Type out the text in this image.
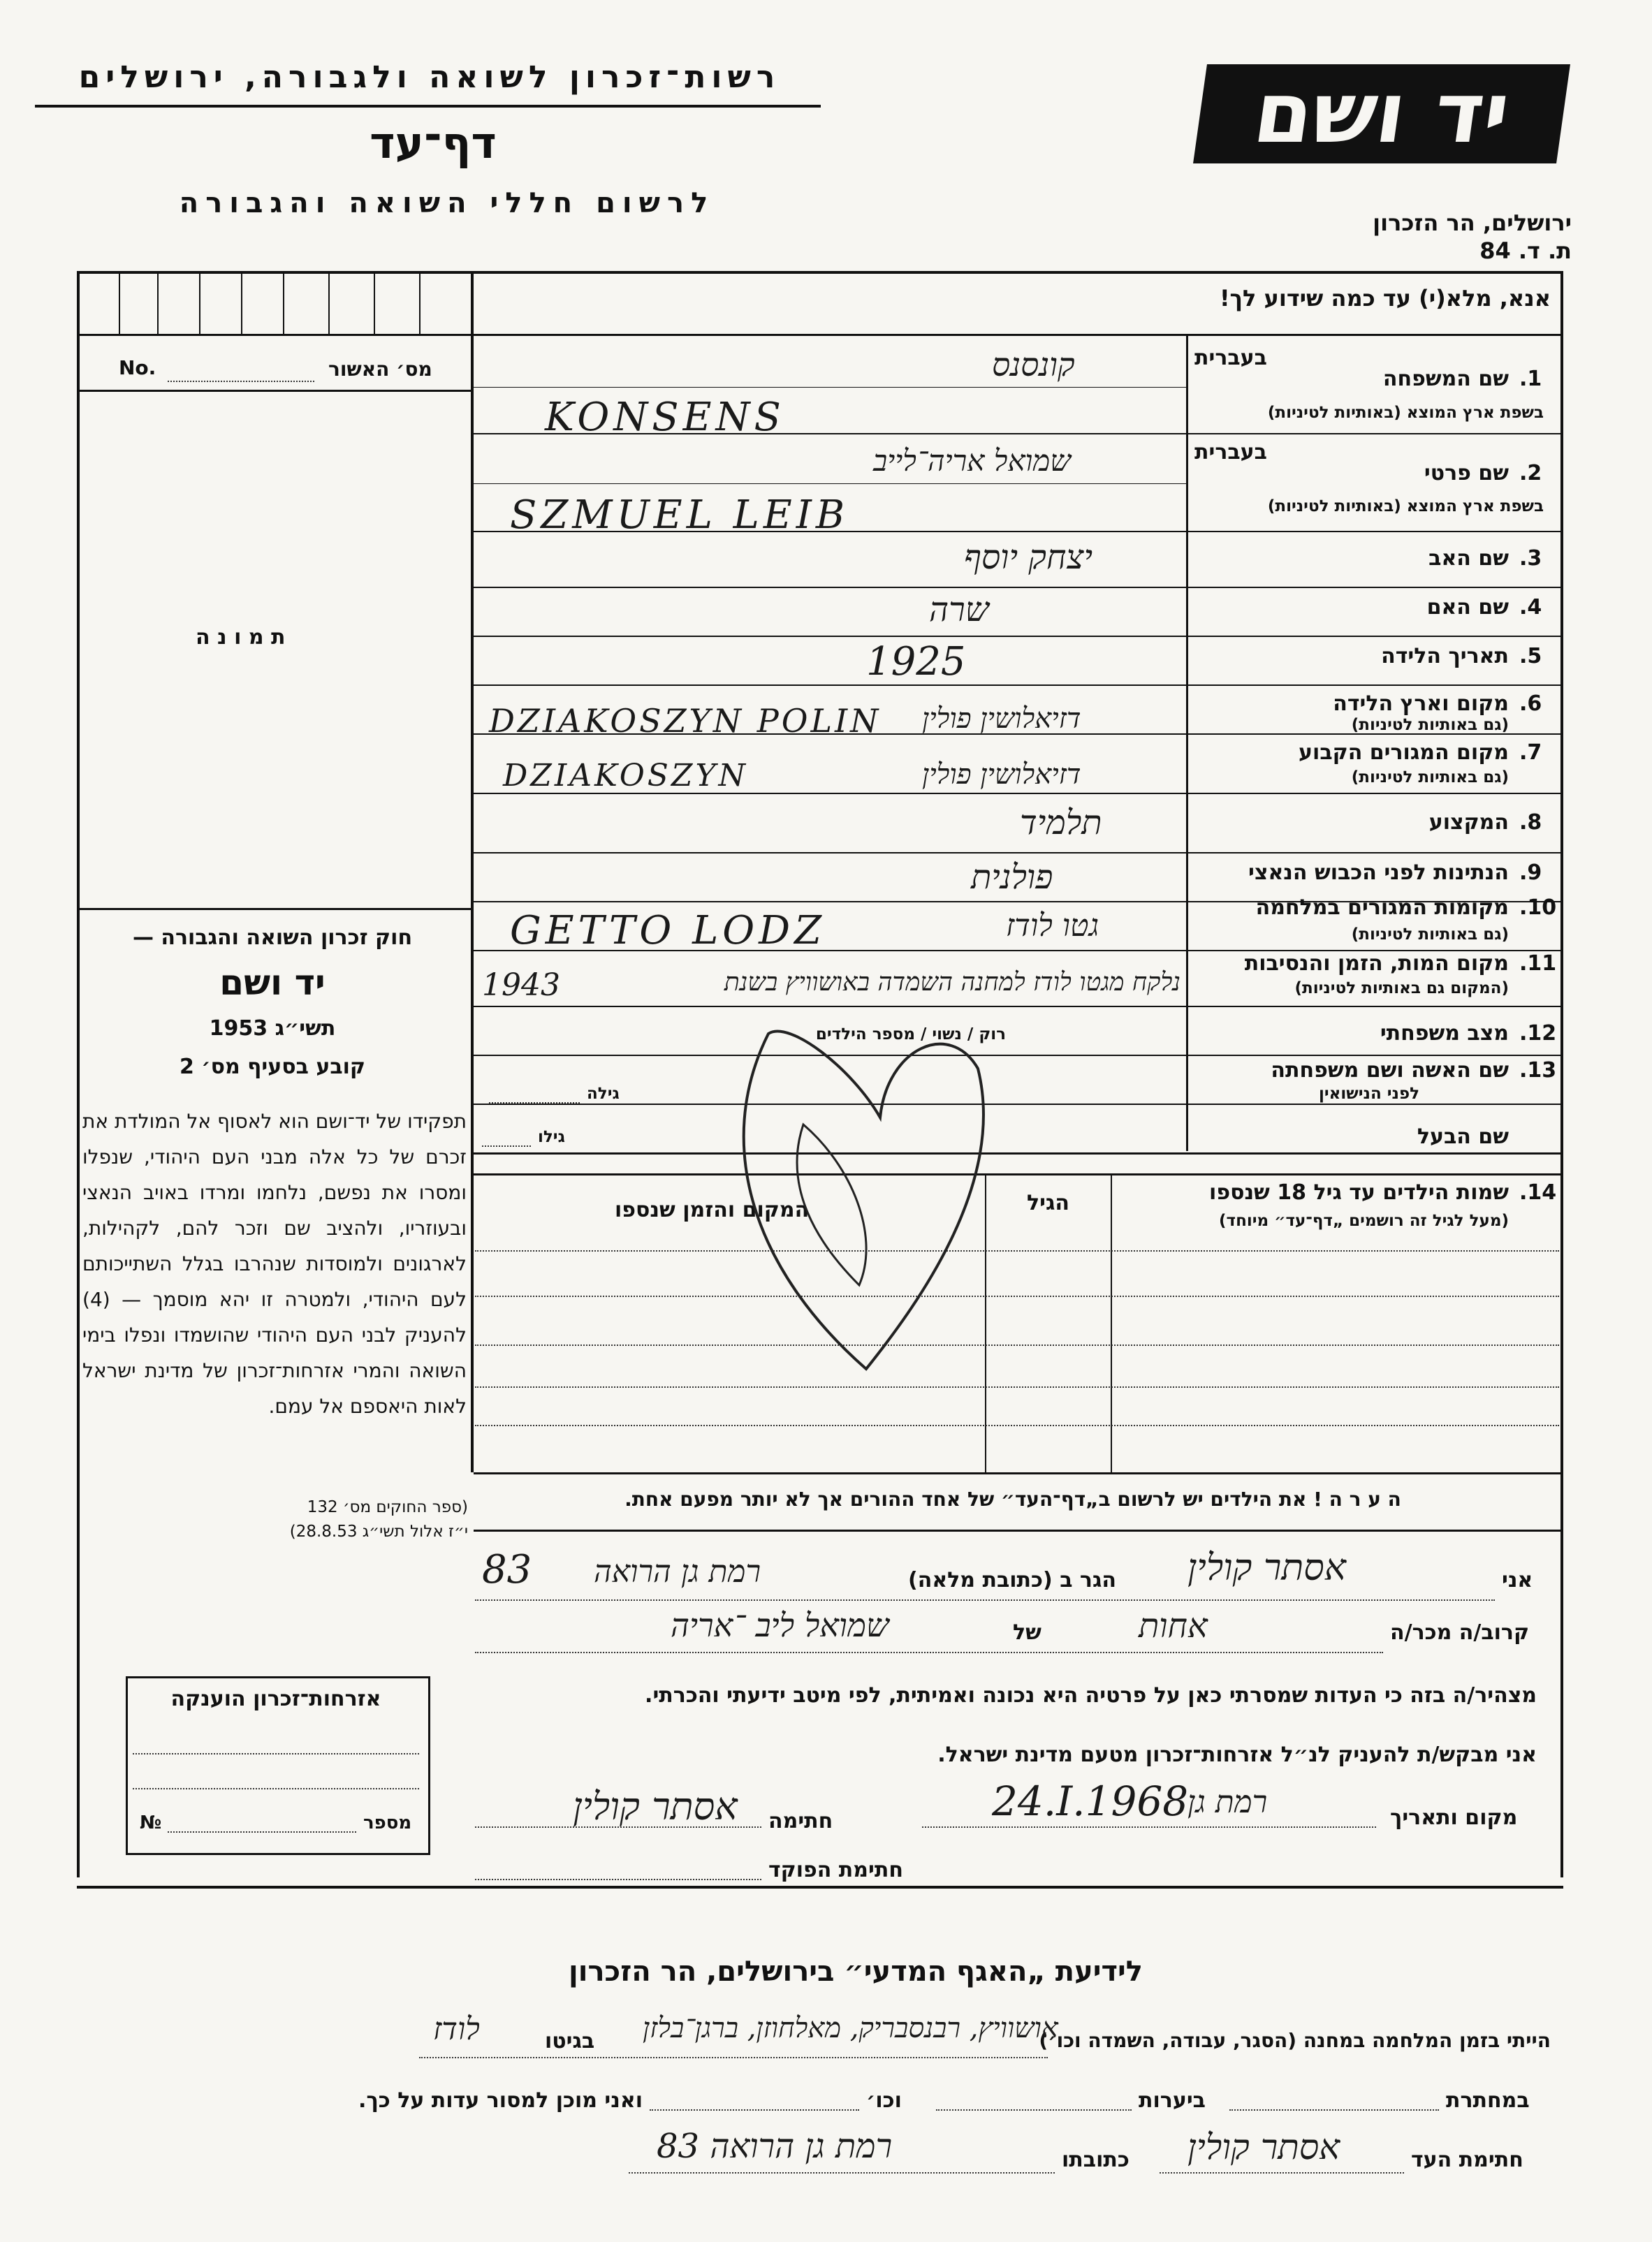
רשות־זכרון לשואה ולגבורה, ירושלים	יד ושם
דף־עד
לרשום חללי השואה והגבורה
ירושלים, הר הזכרון
ת. ד. 84
אנא, מלא(י) עד כמה שידוע לך!
מס׳ האשור
No.
ת מ ו נ ה
חוק זכרון השואה והגבורה —
יד ושם
תשי״ג 1953
קובע בסעיף מס׳ 2
תפקידו של יד־ושם הוא לאסוף אל המולדת את זכרם של כל אלה מבני העם היהודי, שנפלו ומסרו את נפשם, נלחמו ומרדו באויב הנאצי ובעוזריו, ולהציב שם וזכר להם, לקהילות, לארגונים ולמוסדות שנהרבו בגלל השתייכותם לעם היהודי, ולמטרה זו יהא מוסמך — (4) להעניק לבני העם היהודי שהושמדו ונפלו בימי השואה והמרי אזרחות־זכרון של מדינת ישראל לאות היאספם אל עמם.
(ספר החוקים מס׳ 132
י״ז אלול תשי״ג 28.8.53)
1.
שם המשפחה
בעברית
בשפת ארץ המוצא (באותיות לטיניות)
קונסנס
KONSENS
2.
שם פרטי
בעברית
בשפת ארץ המוצא (באותיות לטיניות)
שמואל אריה־לייב
SZMUEL LEIB
3.
שם האב
יצחק יוסף
4.
שם האם
שרה
5.
תאריך הלידה
1925
6.
מקום וארץ הלידה
(גם באותיות לטיניות)
דזיאלושין פולין
DZIAKOSZYN POLIN
7.
מקום המגורים הקבוע
(גם באותיות לטיניות)
דזיאלושין פולין
DZIAKOSZYN
8.
המקצוע
תלמיד
9.
הנתינות לפני הכבוש הנאצי
פולנית
10.
מקומות המגורים במלחמה
(גם באותיות לטיניות)
גטו לודז
GETTO LODZ
11.
מקום המות, הזמן והנסיבות
(המקום גם באותיות לטיניות)
נלקח מגטו לודז למחנה השמדה באושוויץ בשנת
1943
12.
מצב משפחתי
רוק / נשוי / מספר הילדים
13.
שם האשה ושם משפחתה
לפני הנישואין
גילה
שם הבעל
גילו
14.
שמות הילדים עד גיל 18 שנספו
(מעל לגיל זה רושמים „דף־עד״ מיוחד)
הגיל
המקום והזמן שנספו
ה ע ר ה ! את הילדים יש לרשום ב„דף־העד״ של אחד ההורים אך לא יותר מפעם אחת.
אני
אסתר קולין
הגר ב (כתובת מלאה)
רמת גן הרואה
83
קרוב/ה מכר/ה
אחות
של
שמואל ליב ־אריה
מצהיר/ה בזה כי העדות שמסרתי כאן על פרטיה היא נכונה ואמיתית, לפי מיטב ידיעתי והכרתי.
אני מבקש/ת להעניק לנ״ל אזרחות־זכרון מטעם מדינת ישראל.
מקום ותאריך
רמת גן
24.I.1968
חתימה
אסתר קולין
חתימת הפוקד
אזרחות־זכרון הוענקה
מספר
№
לידיעת „האגף המדעי״ בירושלים, הר הזכרון
הייתי בזמן המלחמה במחנה (הסגר, עבודה, השמדה וכו׳)
אושוויץ, רבנסבריק, מאלחוזן, ברגן־בלזן
בגיטו
לודז
במחתרת
ביערות
וכו׳
ואני מוכן למסור עדות על כך.
חתימת העד
אסתר קולין
כתובתו
רמת גן הרואה 83
